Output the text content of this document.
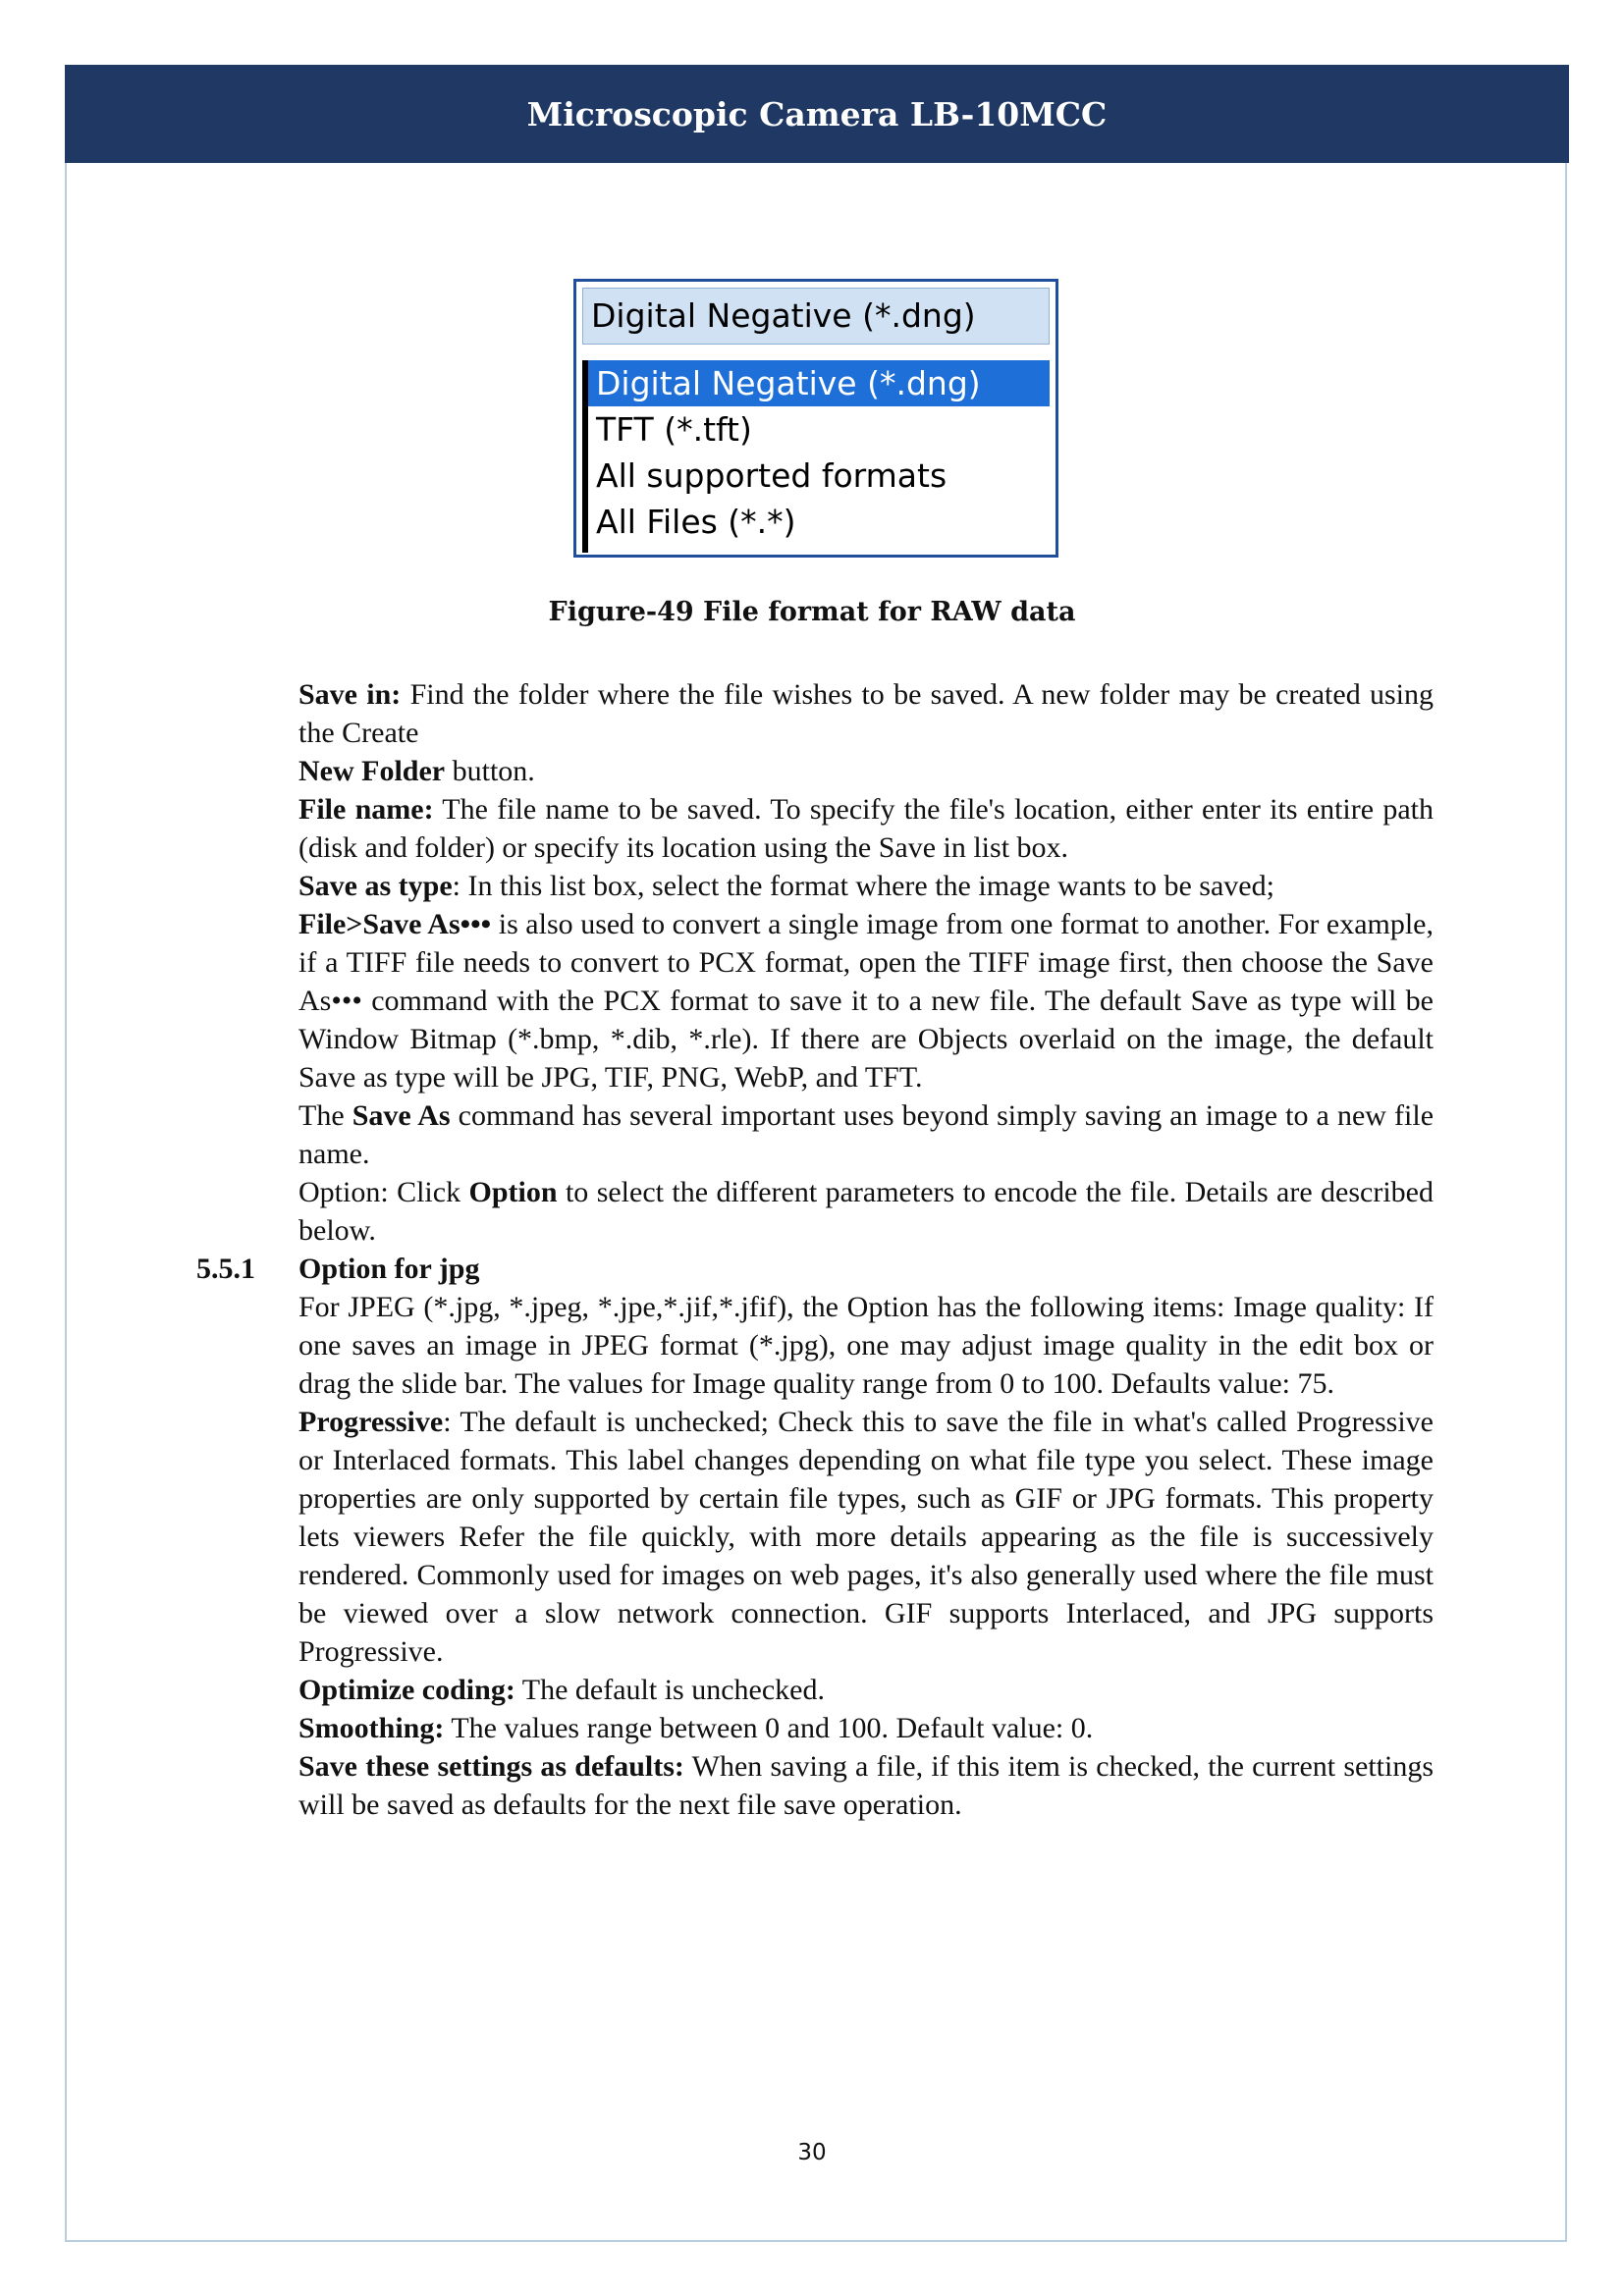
Microscopic Camera LB-10MCC
Digital Negative (*.dng)
Digital Negative (*.dng)
TFT (*.tft)
All supported formats
All Files (*.*)
Figure-49 File format for RAW data

Save in: Find the folder where the file wishes to be saved. A new folder may be created using the Create

New Folder button.

File name: The file name to be saved. To specify the file's location, either enter its entire path (disk and folder) or specify its location using the Save in list box.

Save as type: In this list box, select the format where the image wants to be saved;

File>Save As••• is also used to convert a single image from one format to another. For example, if a TIFF file needs to convert to PCX format, open the TIFF image first, then choose the Save As••• command with the PCX format to save it to a new file. The default Save as type will be Window Bitmap (*.bmp, *.dib, *.rle). If there are Objects overlaid on the image, the default Save as type will be JPG, TIF, PNG, WebP, and TFT.

The Save As command has several important uses beyond simply saving an image to a new file name.

Option: Click Option to select the different parameters to encode the file. Details are described below.

5.5.1 Option for jpg

For JPEG (*.jpg, *.jpeg, *.jpe,*.jif,*.jfif), the Option has the following items: Image quality: If one saves an image in JPEG format (*.jpg), one may adjust image quality in the edit box or drag the slide bar. The values for Image quality range from 0 to 100. Defaults value: 75.

Progressive: The default is unchecked; Check this to save the file in what's called Progressive or Interlaced formats. This label changes depending on what file type you select. These image properties are only supported by certain file types, such as GIF or JPG formats. This property lets viewers Refer the file quickly, with more details appearing as the file is successively rendered. Commonly used for images on web pages, it's also generally used where the file must be viewed over a slow network connection. GIF supports Interlaced, and JPG supports Progressive.

Optimize coding: The default is unchecked.

Smoothing: The values range between 0 and 100. Default value: 0.

Save these settings as defaults: When saving a file, if this item is checked, the current settings will be saved as defaults for the next file save operation.

30
